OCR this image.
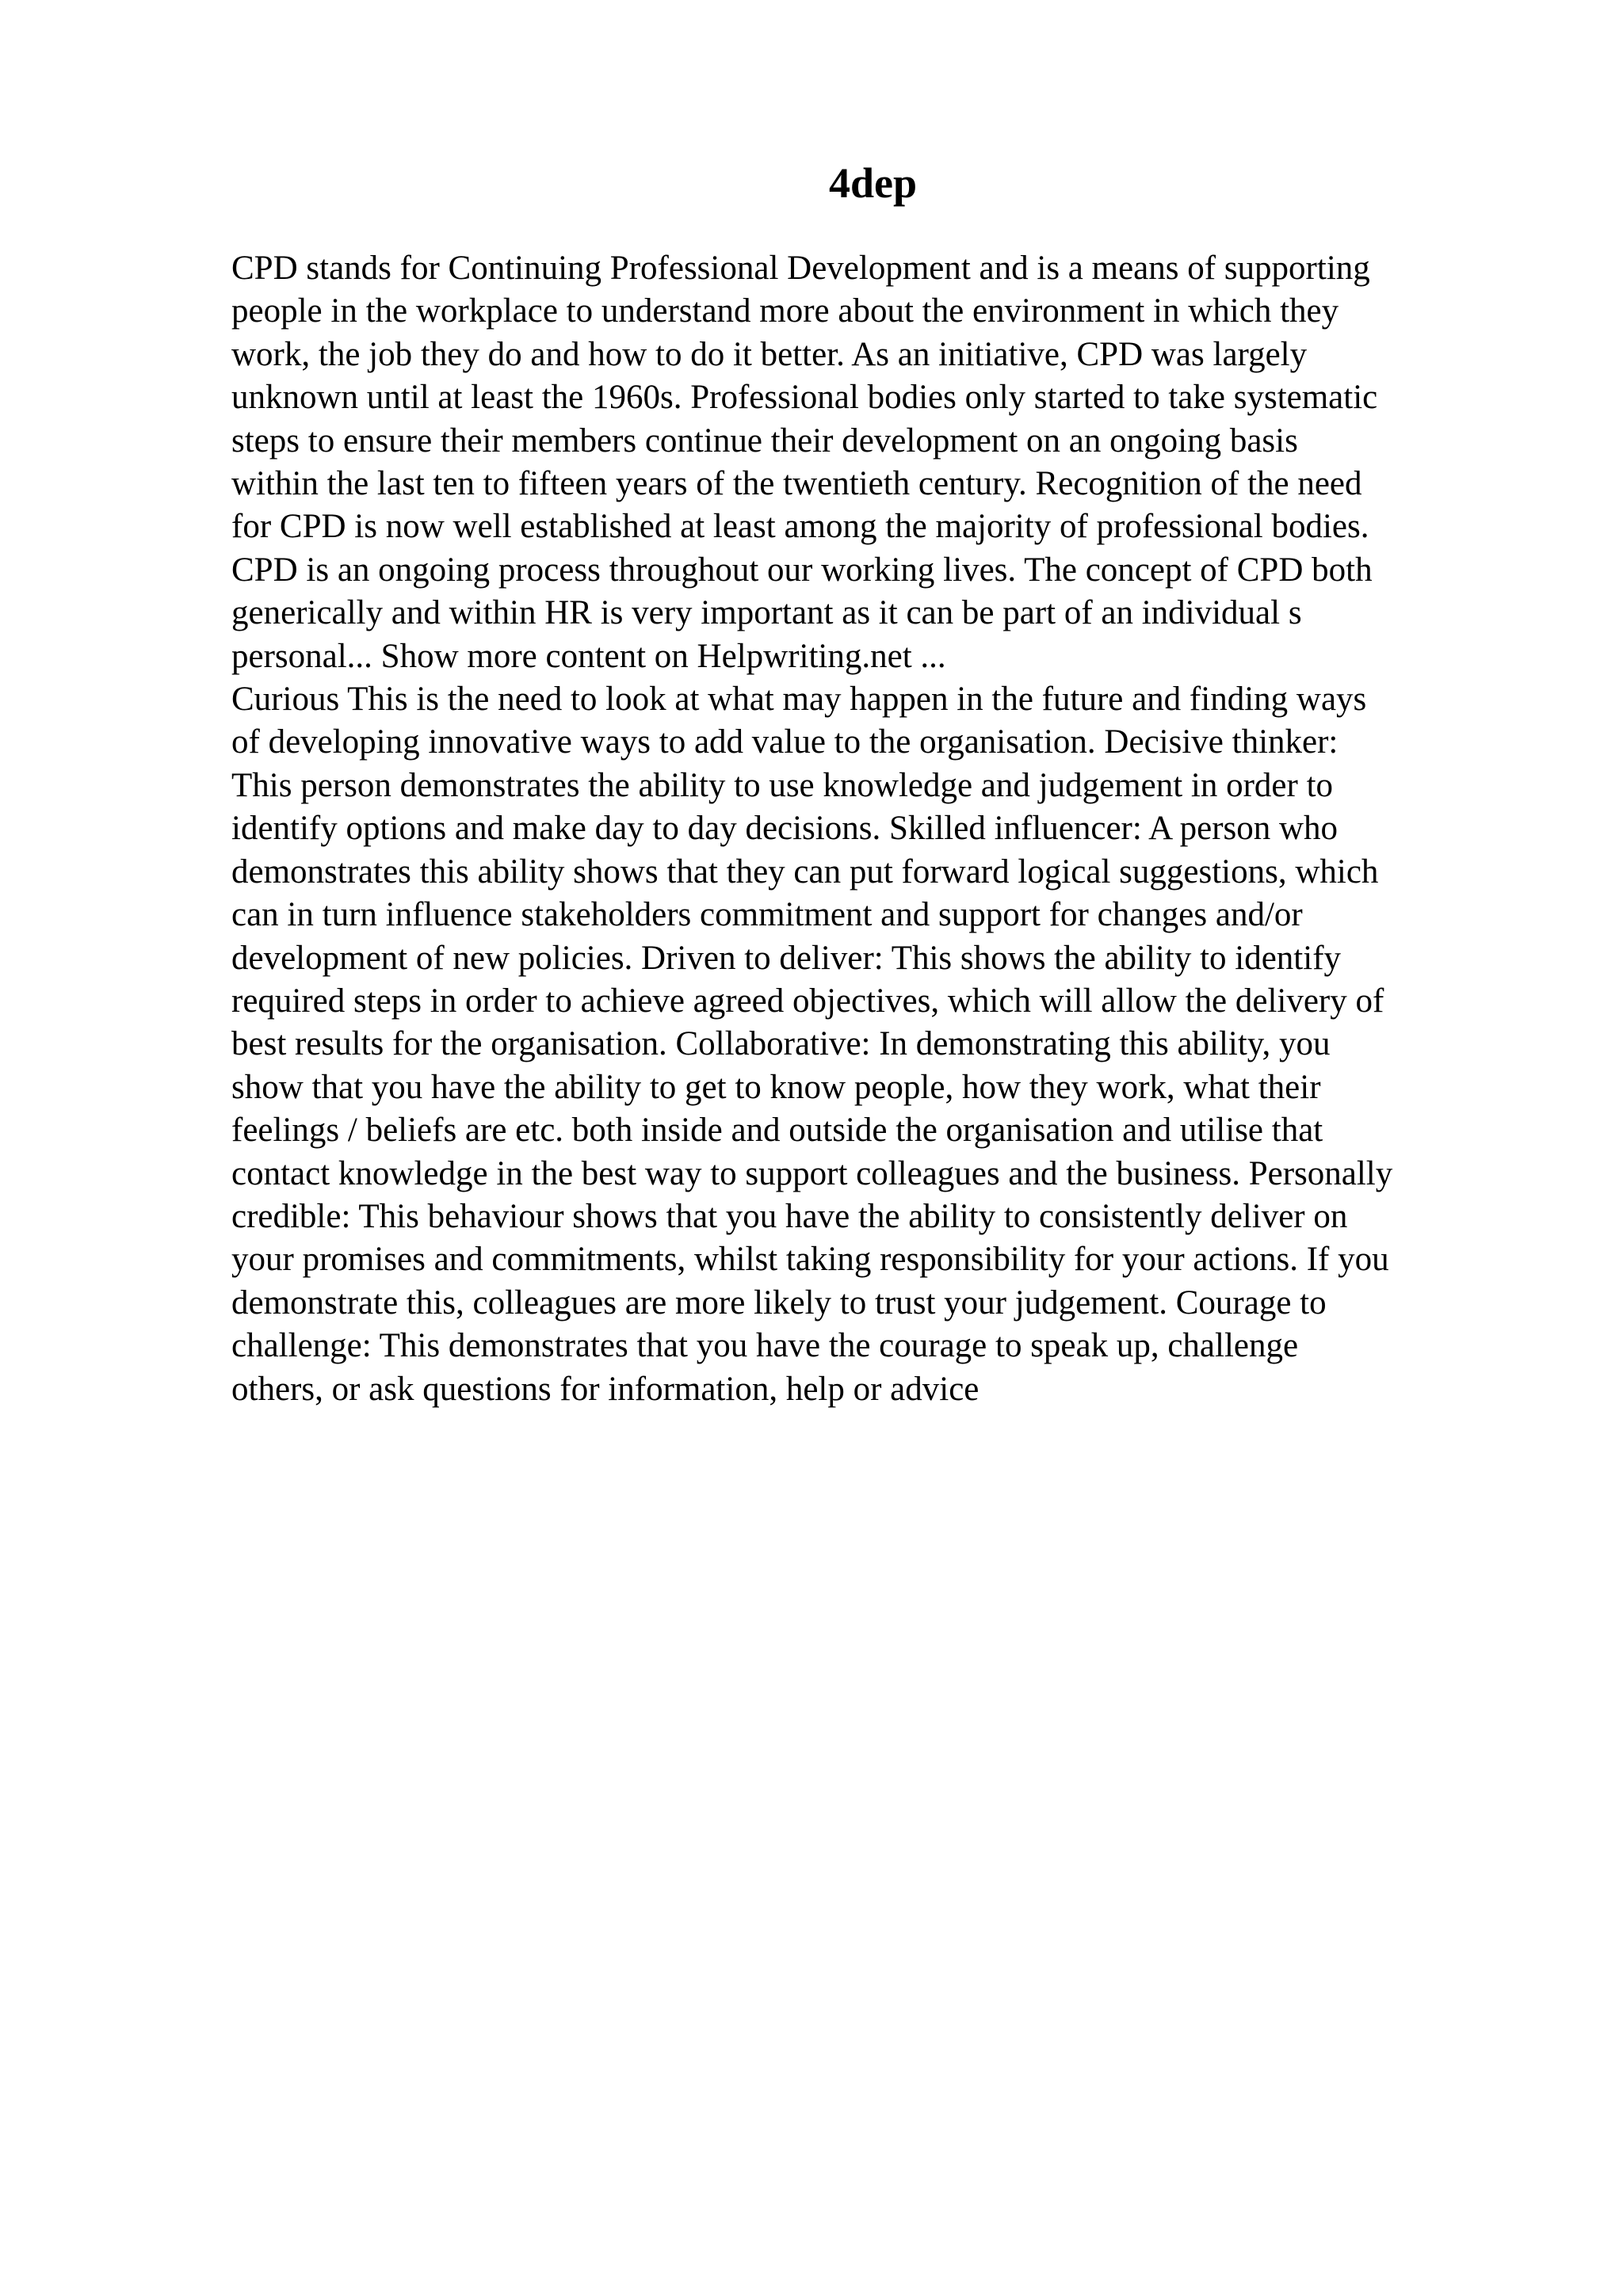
4dep
CPD stands for Continuing Professional Development and is a means of supporting
people in the workplace to understand more about the environment in which they
work, the job they do and how to do it better. As an initiative, CPD was largely
unknown until at least the 1960s. Professional bodies only started to take systematic
steps to ensure their members continue their development on an ongoing basis
within the last ten to fifteen years of the twentieth century. Recognition of the need
for CPD is now well established at least among the majority of professional bodies.
CPD is an ongoing process throughout our working lives. The concept of CPD both
generically and within HR is very important as it can be part of an individual s
personal... Show more content on Helpwriting.net ...
Curious This is the need to look at what may happen in the future and finding ways
of developing innovative ways to add value to the organisation. Decisive thinker:
This person demonstrates the ability to use knowledge and judgement in order to
identify options and make day to day decisions. Skilled influencer: A person who
demonstrates this ability shows that they can put forward logical suggestions, which
can in turn influence stakeholders commitment and support for changes and/or
development of new policies. Driven to deliver: This shows the ability to identify
required steps in order to achieve agreed objectives, which will allow the delivery of
best results for the organisation. Collaborative: In demonstrating this ability, you
show that you have the ability to get to know people, how they work, what their
feelings / beliefs are etc. both inside and outside the organisation and utilise that
contact knowledge in the best way to support colleagues and the business. Personally
credible: This behaviour shows that you have the ability to consistently deliver on
your promises and commitments, whilst taking responsibility for your actions. If you
demonstrate this, colleagues are more likely to trust your judgement. Courage to
challenge: This demonstrates that you have the courage to speak up, challenge
others, or ask questions for information, help or advice
